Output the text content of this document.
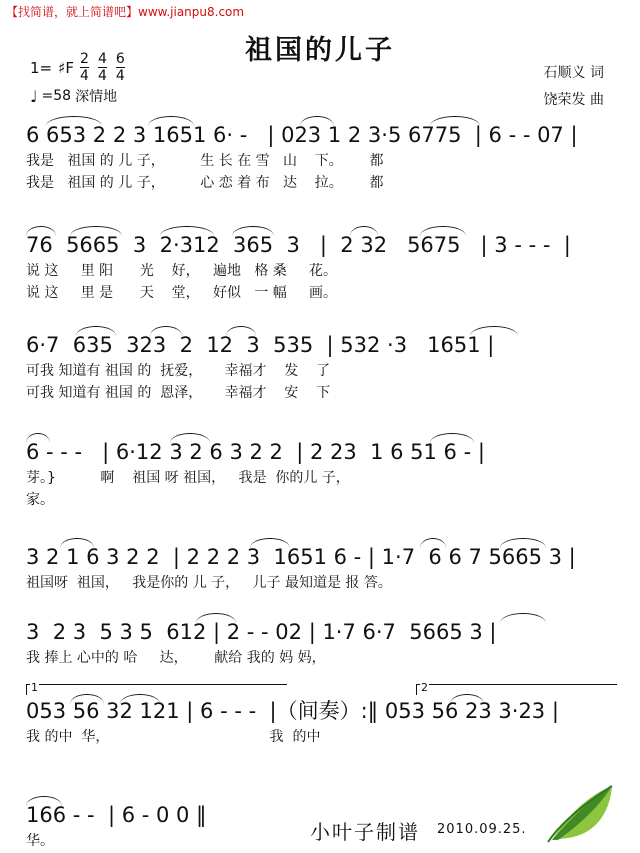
【找简谱，就上简谱吧】www.jianpu8.com
祖国的儿子
1= ♯F $\frac{2}{4} \frac{4}{4} \frac{6}{4}$
♩ =58 深情地
石顺义 词
饶荣发 曲
6 653 2 2 3 1651 6· -   | 023 1 2 3·5 6775  | 6 - - 07 |
我是   祖国 的 儿 子，        生 长 在 雪   山    下。      都
我是   祖国 的 儿 子，        心 恋 着 布   达    拉。      都
76  5665  3  2·312  365  3   |  2 32   5675   | 3 - - -  |
说 这     里 阳      光    好，   遍地   格 桑     花。
说 这     里 是      天    堂，   好似   一 幅     画。
6·7  635  323  2  12  3  535  | 532 ·3   1651 |
可我 知道有 祖国 的  抚爱，     幸福才    发    了
可我 知道有 祖国 的  恩泽，     幸福才    安    下
6 - - -   | 6·12 3 2 6 3 2 2  | 2 23  1 6 51 6 - |
芽。}          啊    祖国 呀 祖国，   我是  你的儿 子，
家。
3 2 1 6 3 2 2  | 2 2 2 3  1651 6 - | 1·7  6 6 7 5665 3 |
祖国呀  祖国，   我是你的 儿 子，   儿子 最知道是 报 答。
3  2 3  5 3 5  612 | 2 - - 02 | 1·7 6·7  5665 3 |
我 捧上 心中的 哈     达，      献给 我的 妈 妈，
1	2
053 56 32 121 | 6 - - -  |（间奏）:‖ 053 56 23 3·23 |
我 的中  华，                                    我  的中
166 - -  | 6 - 0 0 ‖
华。	小叶子制谱 2010.09.25.
